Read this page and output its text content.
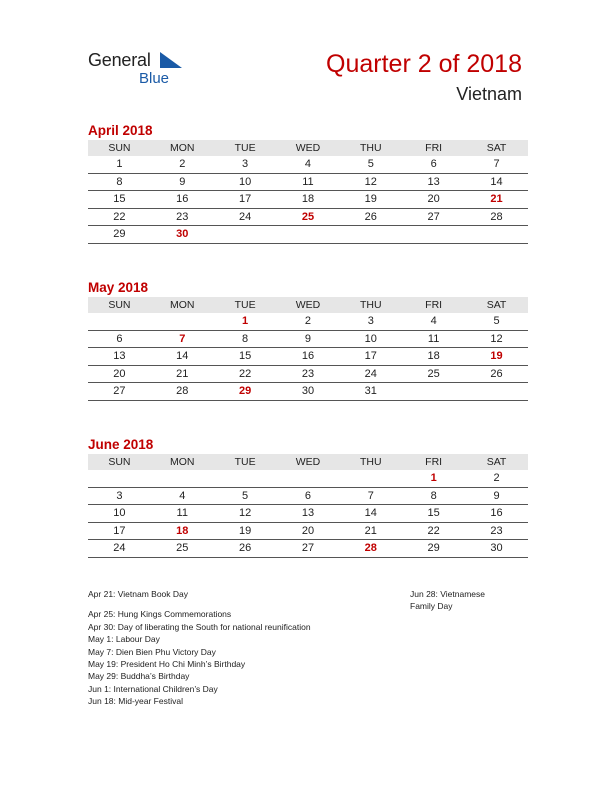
General
Blue
Quarter 2 of 2018
Vietnam
April 2018
SUN	MON	TUE	WED	THU	FRI	SAT
1	2	3	4	5	6	7
8	9	10	11	12	13	14
15	16	17	18	19	20	21
22	23	24	25	26	27	28
29	30					
May 2018
SUN	MON	TUE	WED	THU	FRI	SAT
		1	2	3	4	5
6	7	8	9	10	11	12
13	14	15	16	17	18	19
20	21	22	23	24	25	26
27	28	29	30	31		
June 2018
SUN	MON	TUE	WED	THU	FRI	SAT
					1	2
3	4	5	6	7	8	9
10	11	12	13	14	15	16
17	18	19	20	21	22	23
24	25	26	27	28	29	30
Apr 21: Vietnam Book Day
Apr 25: Hung Kings Commemorations
Apr 30: Day of liberating the South for national reunification
May 1: Labour Day
May 7: Dien Bien Phu Victory Day
May 19: President Ho Chi Minh’s Birthday
May 29: Buddha’s Birthday
Jun 1: International Children’s Day
Jun 18: Mid-year Festival
Jun 28: Vietnamese
Family Day
